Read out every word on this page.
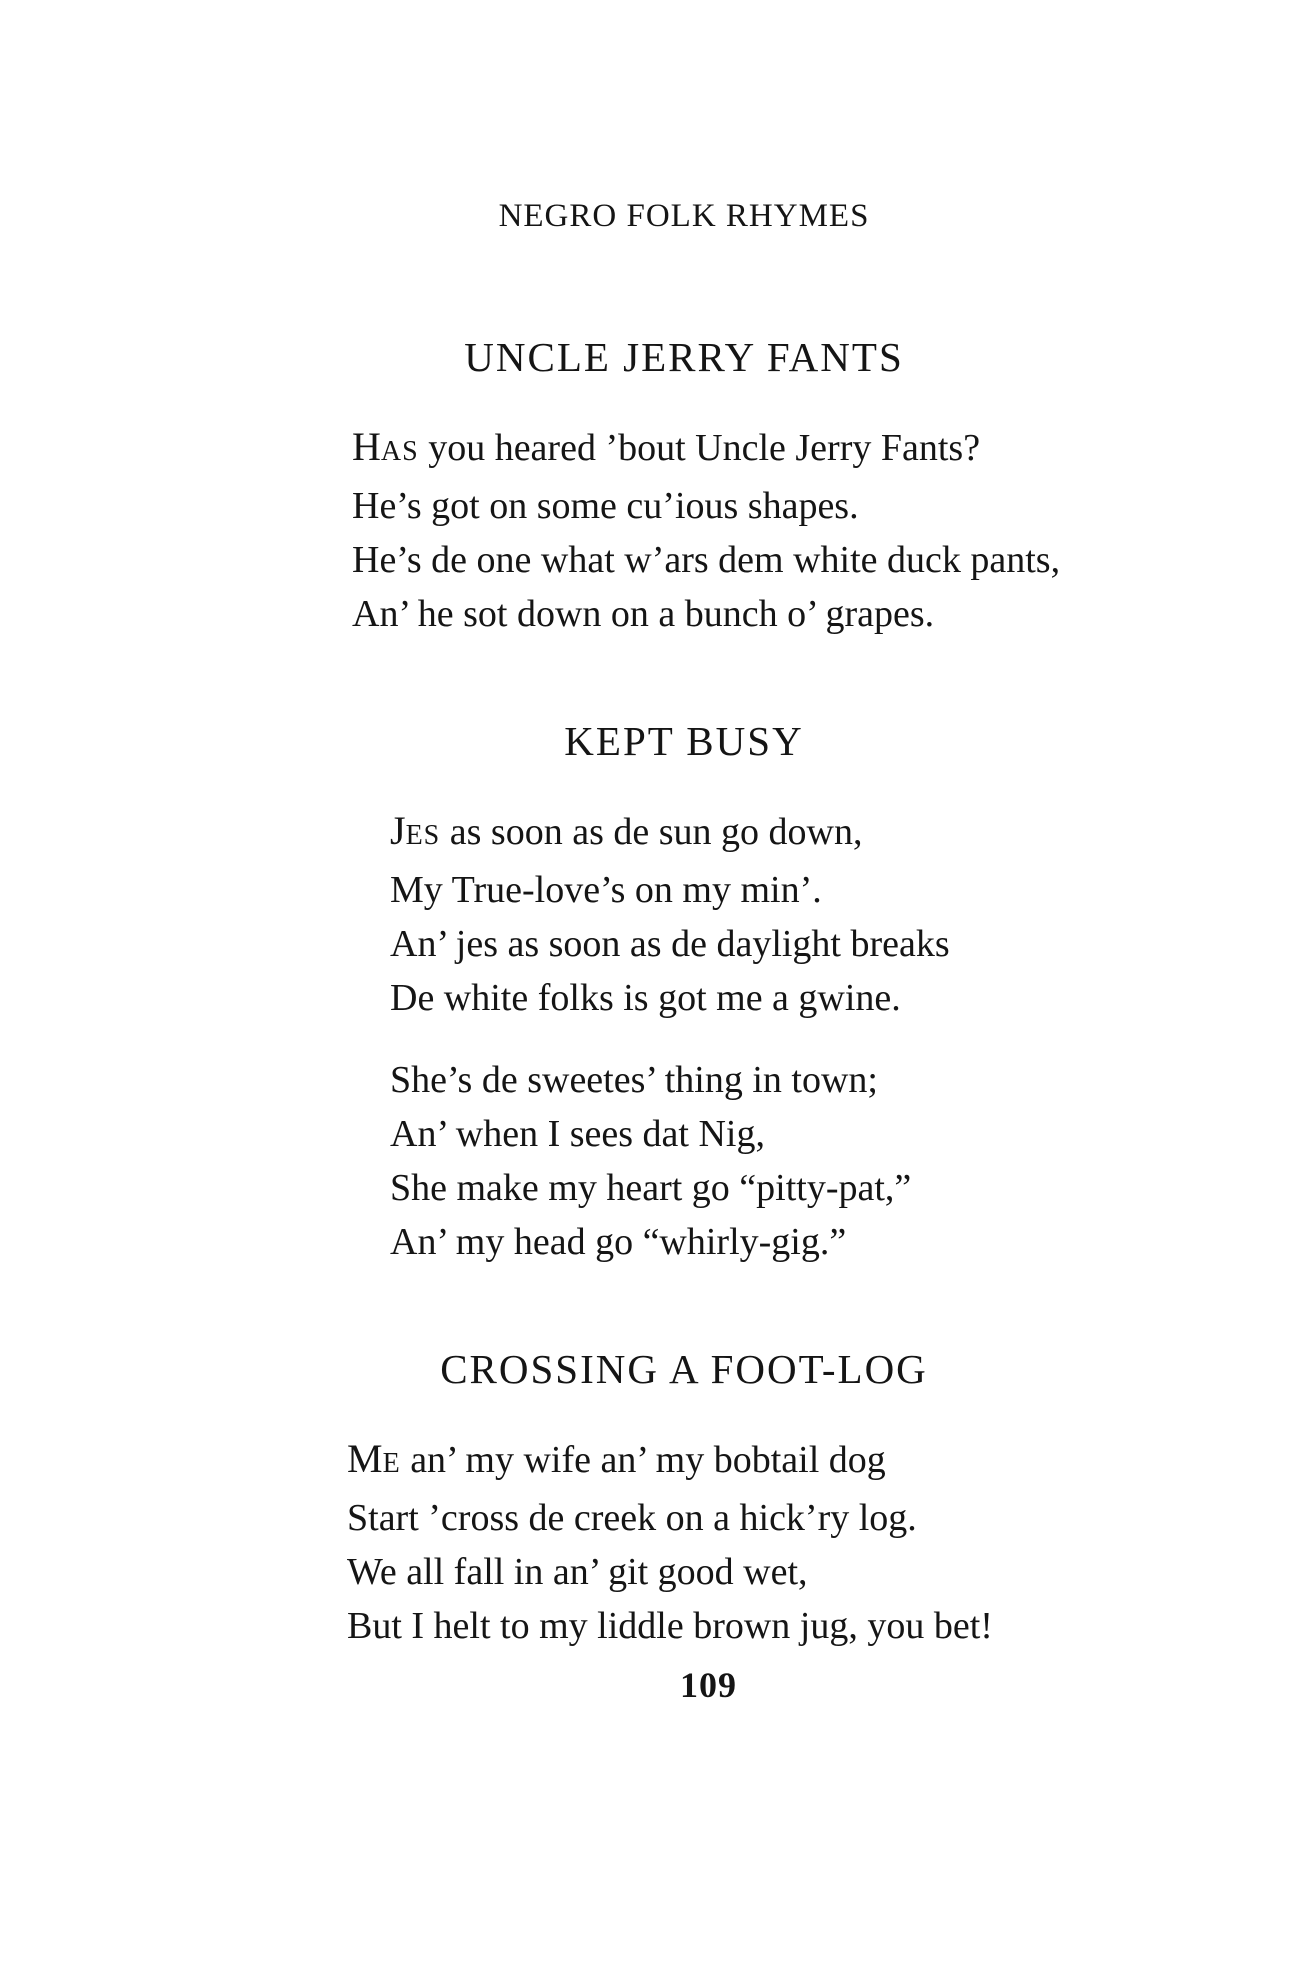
NEGRO FOLK RHYMES
UNCLE JERRY FANTS
HAS you heared ’bout Uncle Jerry Fants?
He’s got on some cu’ious shapes.
He’s de one what w’ars dem white duck pants,
An’ he sot down on a bunch o’ grapes.
KEPT BUSY
JES as soon as de sun go down,
My True-love’s on my min’.
An’ jes as soon as de daylight breaks
De white folks is got me a gwine.
She’s de sweetes’ thing in town;
An’ when I sees dat Nig,
She make my heart go “pitty-pat,”
An’ my head go “whirly-gig.”
CROSSING A FOOT-LOG
ME an’ my wife an’ my bobtail dog
Start ’cross de creek on a hick’ry log.
We all fall in an’ git good wet,
But I helt to my liddle brown jug, you bet!
109
